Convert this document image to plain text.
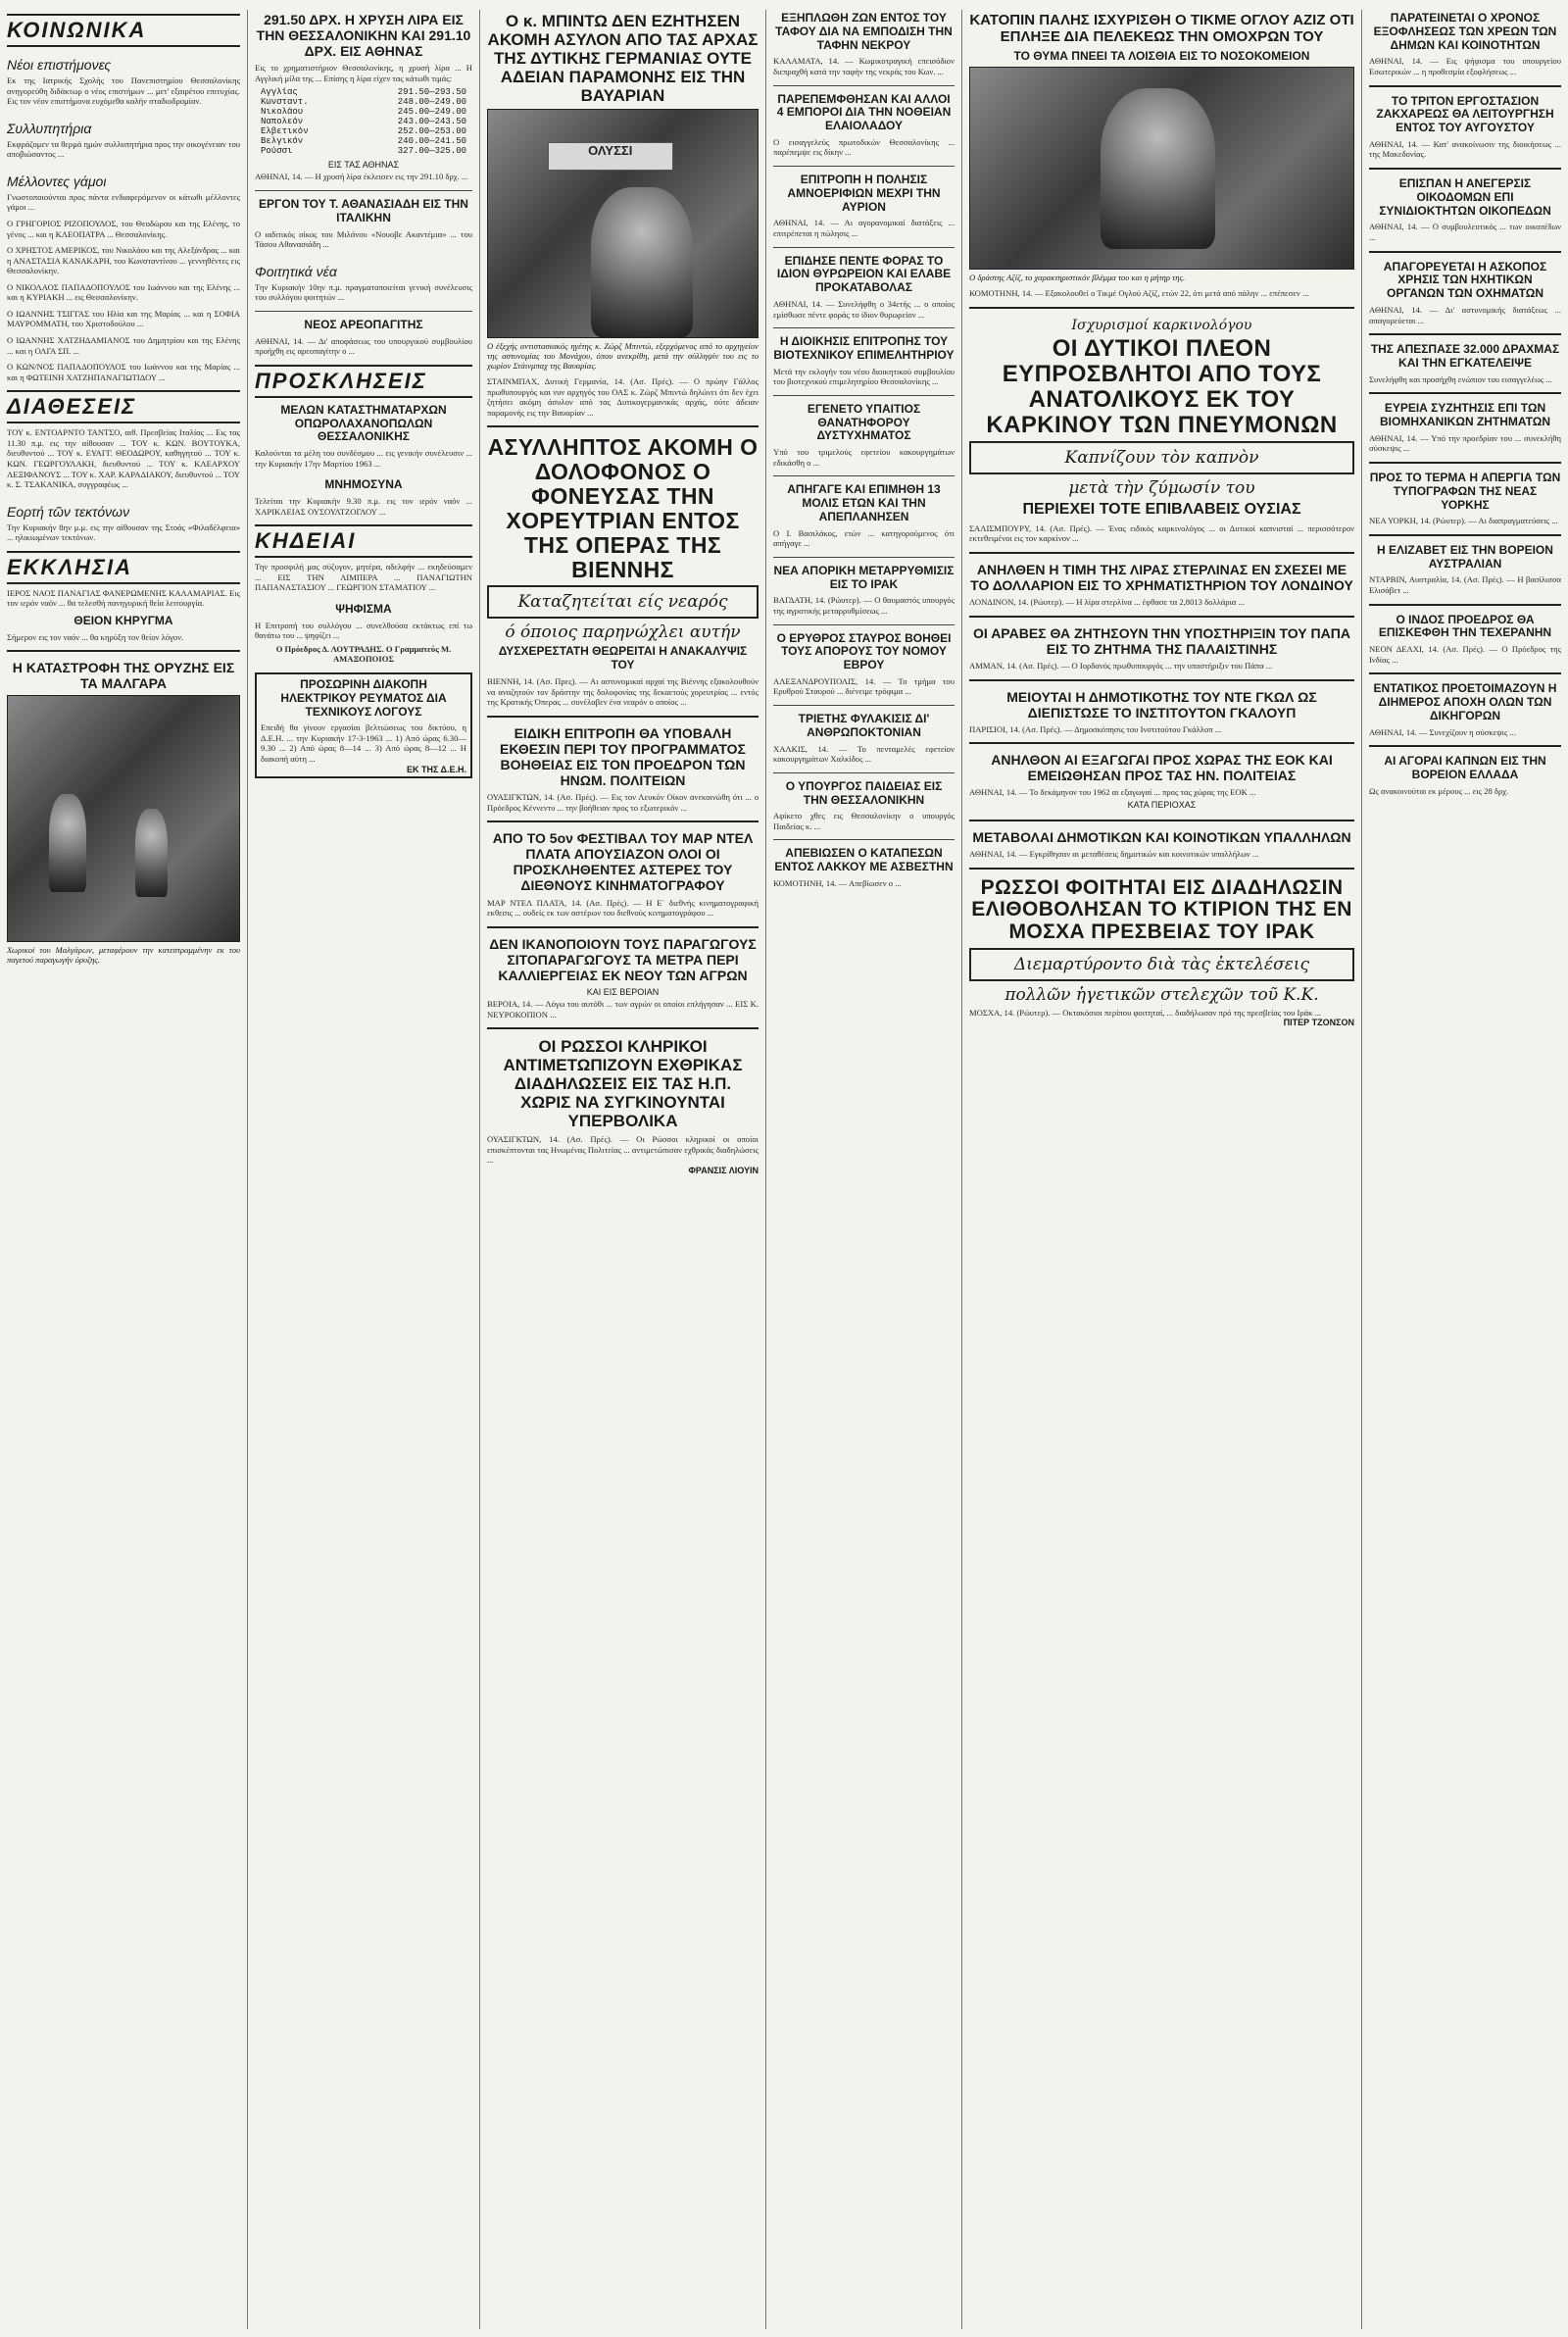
ΚΟΙΝΩΝΙΚΑ
Νέοι επιστήμονες

Εκ της Ιατρικής Σχολής του Πανεπιστημίου Θεσσαλονίκης ανηγορεύθη διδάκτωρ ο νέος επιστήμων ... μετ' εξαιρέτου επιτυχίας. Εις τον νέον επιστήμονα ευχόμεθα καλήν σταδιοδρομίαν.

Συλλυπητήρια

Εκφράζομεν τα θερμά ημών συλλυπητήρια προς την οικογένειαν του αποβιώσαντος ...

Μέλλοντες γάμοι

Γνωστοποιούνται προς πάντα ενδιαφερόμενον οι κάτωθι μέλλοντες γάμοι ...

Ο ΓΡΗΓΟΡΙΟΣ ΡΙΖΟΠΟΥΛΟΣ, του Θεοδώρου και της Ελένης, το γένος ... και η ΚΛΕΟΠΑΤΡΑ ... Θεσσαλονίκης.

Ο ΧΡΗΣΤΟΣ ΑΜΕΡΙΚΟΣ, του Νικολάου και της Αλεξάνδρας ... και η ΑΝΑΣΤΑΣΙΑ ΚΑΝΑΚΑΡΗ, του Κωνσταντίνου ... γεννηθέντες εις Θεσσαλονίκην.

Ο ΝΙΚΟΛΑΟΣ ΠΑΠΑΔΟΠΟΥΛΟΣ του Ιωάννου και της Ελένης ... και η ΚΥΡΙΑΚΗ ... εις Θεσσαλονίκην.

Ο ΙΩΑΝΝΗΣ ΤΣΙΓΓΑΣ του Ηλία και της Μαρίας ... και η ΣΟΦΙΑ ΜΑΥΡΟΜΜΑΤΗ, του Χριστοδούλου ...

Ο ΙΩΑΝΝΗΣ ΧΑΤΖΗΔΑΜΙΑΝΟΣ του Δημητρίου και της Ελένης ... και η ΟΛΓΑ ΣΠ. ...

Ο ΚΩΝ/ΝΟΣ ΠΑΠΑΔΟΠΟΥΛΟΣ του Ιωάννου και της Μαρίας ... και η ΦΩΤΕΙΝΗ ΧΑΤΖΗΠΑΝΑΓΙΩΤΙΔΟΥ ...

ΔΙΑΘΕΣΕΙΣ

ΤΟΥ κ. ΕΝΤΟΑΡΝΤΟ ΤΑΝΤΣΟ, αιθ. Πρεσβείας Ιταλίας ... Εις τας 11.30 π.μ. εις την αίθουσαν ... ΤΟΥ κ. ΚΩΝ. ΒΟΥΤΟΥΚΑ, διευθυντού ... ΤΟΥ κ. ΕΥΑΓΓ. ΘΕΟΔΩΡΟΥ, καθηγητού ... ΤΟΥ κ. ΚΩΝ. ΓΕΩΡΓΟΥΛΑΚΗ, διευθυντού ... ΤΟΥ κ. ΚΛΕΑΡΧΟΥ ΛΕΞΙΦΑΝΟΥΣ ... ΤΟΥ κ. ΧΑΡ. ΚΑΡΑΔΙΑΚΟΥ, διευθυντού ... ΤΟΥ κ. Σ. ΤΣΑΚΑΝΙΚΑ, συγγραφέως ...

Εορτή τῶν τεκτόνων

Την Κυριακήν 8ην μ.μ. εις την αίθουσαν της Στοάς «Φιλαδέλφεια» ... ηλικιωμένων τεκτόνων.

ΕΚΚΛΗΣΙΑ

ΙΕΡΟΣ ΝΑΟΣ ΠΑΝΑΓΙΑΣ ΦΑΝΕΡΩΜΕΝΗΣ ΚΑΛΑΜΑΡΙΑΣ. Εις τον ιερόν ναόν ... θα τελεσθή πανηγυρική θεία λειτουργία.

ΘΕΙΟΝ ΚΗΡΥΓΜΑ

Σήμερον εις τον ναόν ... θα κηρύξη τον θείον λόγον.

Η ΚΑΤΑΣΤΡΟΦΗ ΤΗΣ ΟΡΥΖΗΣ ΕΙΣ ΤΑ ΜΑΛΓΑΡΑ

Χωρικοί του Μαλγάρων, μεταφέρουν την κατεστραμμένην εκ του παγετού παραγωγήν όρυζης.

291.50 ΔΡΧ. Η ΧΡΥΣΗ ΛΙΡΑ ΕΙΣ ΤΗΝ ΘΕΣΣΑΛΟΝΙΚΗΝ ΚΑΙ 291.10 ΔΡΧ. ΕΙΣ ΑΘΗΝΑΣ

Εις το χρηματιστήριον Θεσσαλονίκης, η χρυσή λίρα ... Η Αγγλική μίλα της ... Επίσης η λίρα είχεν τας κάτωθι τιμάς:

Αγγλίας	291.50—293.50
Κωνσταντ.	248.00—249.00
Νικολάου	245.00—249.00
Ναπολεόν	243.00—243.50
Ελβετικόν	252.00—253.00
Βελγικόν	240.00—241.50
Ρούσσι	327.00—325.00
ΕΙΣ ΤΑΣ ΑΘΗΝΑΣ

ΑΘΗΝΑΙ, 14. — Η χρυσή λίρα έκλεισεν εις την 291.10 δρχ. ...

ΕΡΓΟΝ ΤΟΥ Τ. ΑΘΑΝΑΣΙΑΔΗ ΕΙΣ ΤΗΝ ΙΤΑΛΙΚΗΝ

Ο ιαδιτικός οίκος του Μιλάνου «Νουοβε Ακαντέμια» ... του Τάσου Αθανασιάδη ...

Φοιτητικά νέα

Την Κυριακήν 10ην π.μ. πραγματοποιείται γενική συνέλευσις του συλλόγου φοιτητών ...

ΝΕΟΣ ΑΡΕΟΠΑΓΙΤΗΣ

ΑΘΗΝΑΙ, 14. — Δι' αποφάσεως του υπουργικού συμβουλίου προήχθη εις αρεοπαγίτην ο ...

ΠΡΟΣΚΛΗΣΕΙΣ
ΜΕΛΩΝ ΚΑΤΑΣΤΗΜΑΤΑΡΧΩΝ ΟΠΩΡΟΛΑΧΑΝΟΠΩΛΩΝ ΘΕΣΣΑΛΟΝΙΚΗΣ

Καλούνται τα μέλη του συνδέσμου ... εις γενικήν συνέλευσιν ... την Κυριακήν 17ην Μαρτίου 1963 ...

ΜΝΗΜΟΣΥΝΑ

Τελείται την Κυριακήν 9.30 π.μ. εις τον ιερόν ναόν ... ΧΑΡΙΚΛΕΙΑΣ ΟΥΣΟΥΛΤΖΟΓΛΟΥ ...

ΚΗΔΕΙΑΙ

Την προσφιλή μας σύζυγον, μητέρα, αδελφήν ... εκηδεύσαμεν ... ΕΙΣ ΤΗΝ ΛΙΜΠΕΡΑ ... ΠΑΝΑΓΙΩΤΗΝ ΠΑΠΑΝΑΣΤΑΣΙΟΥ ... ΓΕΩΡΓΙΟΝ ΣΤΑΜΑΤΙΟΥ ...

ΨΗΦΙΣΜΑ

Η Επιτροπή του συλλόγου ... συνελθούσα εκτάκτως επί τω θανάτω του ... ψηφίζει ...

Ο Πρόεδρος Δ. ΛΟΥΤΡΑΔΗΣ. Ο Γραμματεύς Μ. ΑΜΑΞΟΠΟΙΟΣ

ΠΡΟΣΩΡΙΝΗ ΔΙΑΚΟΠΗ ΗΛΕΚΤΡΙΚΟΥ ΡΕΥΜΑΤΟΣ ΔΙΑ ΤΕΧΝΙΚΟΥΣ ΛΟΓΟΥΣ

Επειδή θα γίνουν εργασίαι βελτιώσεως του δικτύου, η Δ.Ε.Η. ... την Κυριακήν 17-3-1963 ... 1) Από ώρας 6.30—9.30 ... 2) Από ώρας 8—14 ... 3) Από ώρας 8—12 ... Η διακοπή αύτη ...

ΕΚ ΤΗΣ Δ.Ε.Η.
Ο κ. ΜΠΙΝΤΩ ΔΕΝ ΕΖΗΤΗΣΕΝ ΑΚΟΜΗ ΑΣΥΛΟΝ ΑΠΟ ΤΑΣ ΑΡΧΑΣ ΤΗΣ ΔΥΤΙΚΗΣ ΓΕΡΜΑΝΙΑΣ ΟΥΤΕ ΑΔΕΙΑΝ ΠΑΡΑΜΟΝΗΣ ΕΙΣ ΤΗΝ ΒΑΥΑΡΙΑΝ
ΟΛΥΣΣΙ

Ο έξεχής αντιστασιακός ηγέτης κ. Ζώρζ Μπιντώ, εξερχόμενος από το αρχηγείον της αστυνομίας του Μονάχου, όπου ανεκρίθη, μετά την σύλληψίν του εις το χωρίον Στάινμπαχ της Βαυαρίας.

ΣΤΑΙΝΜΠΑΧ, Δυτική Γερμανία, 14. (Ασ. Πρές). — Ο πρώην Γάλλος πρωθυπουργός και νυν αρχηγός του ΟΑΣ κ. Ζώρζ Μπιντώ δηλώνει ότι δεν έχει ζητήσει ακόμη άσυλον από τας Δυτικογερμανικάς αρχάς, ούτε άδειαν παραμονής εις την Βαυαρίαν ...

ΑΣΥΛΛΗΠΤΟΣ ΑΚΟΜΗ Ο ΔΟΛΟΦΟΝΟΣ Ο ΦΟΝΕΥΣΑΣ ΤΗΝ ΧΟΡΕΥΤΡΙΑΝ ΕΝΤΟΣ ΤΗΣ ΟΠΕΡΑΣ ΤΗΣ ΒΙΕΝΝΗΣ
Καταζητείται είς νεαρός
ό όποιος παρηνώχλει αυτήν
ΔΥΣΧΕΡΕΣΤΑΤΗ ΘΕΩΡΕΙΤΑΙ Η ΑΝΑΚΑΛΥΨΙΣ ΤΟΥ

ΒΙΕΝΝΗ, 14. (Ασ. Πρες). — Αι αστυνομικαί αρχαί της Βιέννης εξακολουθούν να αναζητούν τον δράστην της δολοφονίας της δεκαετούς χορευτρίας ... εντός της Κρατικής Όπερας ... συνέλαβεν ένα νεαρόν ο οποίος ...

ΕΙΔΙΚΗ ΕΠΙΤΡΟΠΗ ΘΑ ΥΠΟΒΑΛΗ ΕΚΘΕΣΙΝ ΠΕΡΙ ΤΟΥ ΠΡΟΓΡΑΜΜΑΤΟΣ ΒΟΗΘΕΙΑΣ ΕΙΣ ΤΟΝ ΠΡΟΕΔΡΟΝ ΤΩΝ ΗΝΩΜ. ΠΟΛΙΤΕΙΩΝ

ΟΥΑΣΙΓΚΤΩΝ, 14. (Ασ. Πρές). — Εις τον Λευκόν Οίκον ανεκοινώθη ότι ... ο Πρόεδρος Κέννεντυ ... την βοήθειαν προς το εξωτερικόν ...

ΑΠΟ ΤΟ 5ον ΦΕΣΤΙΒΑΛ ΤΟΥ ΜΑΡ ΝΤΕΛ ΠΛΑΤΑ ΑΠΟΥΣΙΑΖΟΝ ΟΛΟΙ ΟΙ ΠΡΟΣΚΛΗΘΕΝΤΕΣ ΑΣΤΕΡΕΣ ΤΟΥ ΔΙΕΘΝΟΥΣ ΚΙΝΗΜΑΤΟΓΡΑΦΟΥ

ΜΑΡ ΝΤΕΛ ΠΛΑΤΑ, 14. (Ασ. Πρές). — Η Ε΄ διεθνής κινηματογραφική εκθεσις ... ουδείς εκ των αστέρων του διεθνούς κινηματογράφου ...

ΔΕΝ ΙΚΑΝΟΠΟΙΟΥΝ ΤΟΥΣ ΠΑΡΑΓΩΓΟΥΣ ΣΙΤΟΠΑΡΑΓΩΓΟΥΣ ΤΑ ΜΕΤΡΑ ΠΕΡΙ ΚΑΛΛΙΕΡΓΕΙΑΣ ΕΚ ΝΕΟΥ ΤΩΝ ΑΓΡΩΝ
ΚΑΙ ΕΙΣ ΒΕΡΟΙΑΝ

ΒΕΡΟΙΑ, 14. — Λόγω του αυτόθι ... των αγρών οι οποίοι επλήγησαν ... ΕΙΣ Κ. ΝΕΥΡΟΚΟΠΙΟΝ ...

ΟΙ ΡΩΣΣΟΙ ΚΛΗΡΙΚΟΙ ΑΝΤΙΜΕΤΩΠΙΖΟΥΝ ΕΧΘΡΙΚΑΣ ΔΙΑΔΗΛΩΣΕΙΣ ΕΙΣ ΤΑΣ Η.Π. ΧΩΡΙΣ ΝΑ ΣΥΓΚΙΝΟΥΝΤΑΙ ΥΠΕΡΒΟΛΙΚΑ

ΟΥΑΣΙΓΚΤΩΝ, 14. (Ασ. Πρές). — Οι Ρώσσοι κληρικοί οι οποίοι επισκέπτονται τας Ηνωμένας Πολιτείας ... αντιμετώπισαν εχθρικάς διαδηλώσεις ...

ΦΡΑΝΣΙΣ ΛΙΟΥΙΝ
ΕΞΗΠΛΩΘΗ ΖΩΝ ΕΝΤΟΣ ΤΟΥ ΤΑΦΟΥ ΔΙΑ ΝΑ ΕΜΠΟΔΙΣΗ ΤΗΝ ΤΑΦΗΝ ΝΕΚΡΟΥ

ΚΑΛΑΜΑΤΑ, 14. — Κωμικοτραγική επεισόδιον διεπραχθή κατά την ταφήν της νεκράς του Κων. ...

ΠΑΡΕΠΕΜΦΘΗΣΑΝ ΚΑΙ ΑΛΛΟΙ 4 ΕΜΠΟΡΟΙ ΔΙΑ ΤΗΝ ΝΟΘΕΙΑΝ ΕΛΑΙΟΛΑΔΟΥ

Ο εισαγγελεύς πρωτοδικών Θεσσαλονίκης ... παρέπεμψε εις δίκην ...

ΕΠΙΤΡΟΠΗ Η ΠΟΛΗΣΙΣ ΑΜΝΟΕΡΙΦΙΩΝ ΜΕΧΡΙ ΤΗΝ ΑΥΡΙΟΝ

ΑΘΗΝΑΙ, 14. — Αι αγορανομικαί διατάξεις ... επιτρέπεται η πώλησις ...

ΕΠΙΔΗΣΕ ΠΕΝΤΕ ΦΟΡΑΣ ΤΟ ΙΔΙΟΝ ΘΥΡΩΡΕΙΟΝ ΚΑΙ ΕΛΑΒΕ ΠΡΟΚΑΤΑΒΟΛΑΣ

ΑΘΗΝΑΙ, 14. — Συνελήφθη ο 34ετής ... ο οποίος εμίσθωσε πέντε φοράς το ίδιον θυρωρείον ...

Η ΔΙΟΙΚΗΣΙΣ ΕΠΙΤΡΟΠΗΣ ΤΟΥ ΒΙΟΤΕΧΝΙΚΟΥ ΕΠΙΜΕΛΗΤΗΡΙΟΥ

Μετά την εκλογήν του νέου διοικητικού συμβουλίου του βιοτεχνικού επιμελητηρίου Θεσσαλονίκης ...

ΕΓΕΝΕΤΟ ΥΠΑΙΤΙΟΣ ΘΑΝΑΤΗΦΟΡΟΥ ΔΥΣΤΥΧΗΜΑΤΟΣ

Υπό του τριμελούς εφετείου κακουργημάτων εδικάσθη ο ...

ΑΠΗΓΑΓΕ ΚΑΙ ΕΠΙΜΗΘΗ 13 ΜΟΛΙΣ ΕΤΩΝ ΚΑΙ ΤΗΝ ΑΠΕΠΛΑΝΗΣΕΝ

Ο Ι. Βασιλάκος, ετών ... κατηγορούμενος ότι απήγαγε ...

ΝΕΑ ΑΠΟΡΙΚΗ ΜΕΤΑΡΡΥΘΜΙΣΙΣ ΕΙΣ ΤΟ ΙΡΑΚ

ΒΑΓΔΑΤΗ, 14. (Ρώυτερ). — Ο θαυμαστός υπουργός της αγροτικής μεταρρυθμίσεως ...

Ο ΕΡΥΘΡΟΣ ΣΤΑΥΡΟΣ ΒΟΗΘΕΙ ΤΟΥΣ ΑΠΟΡΟΥΣ ΤΟΥ ΝΟΜΟΥ ΕΒΡΟΥ

ΑΛΕΞΑΝΔΡΟΥΠΟΛΙΣ, 14. — Το τμήμα του Ερυθρού Σταυρού ... διένειμε τρόφιμα ...

ΤΡΙΕΤΗΣ ΦΥΛΑΚΙΣΙΣ ΔΙ' ΑΝΘΡΩΠΟΚΤΟΝΙΑΝ

ΧΑΛΚΙΣ, 14. — Το πενταμελές εφετείον κακουργημάτων Χαλκίδος ...

Ο ΥΠΟΥΡΓΟΣ ΠΑΙΔΕΙΑΣ ΕΙΣ ΤΗΝ ΘΕΣΣΑΛΟΝΙΚΗΝ

Αφίκετο χθες εις Θεσσαλονίκην ο υπουργός Παιδείας κ. ...

ΑΠΕΒΙΩΣΕΝ Ο ΚΑΤΑΠΕΣΩΝ ΕΝΤΟΣ ΛΑΚΚΟΥ ΜΕ ΑΣΒΕΣΤΗΝ

ΚΟΜΟΤΗΝΗ, 14. — Απεβίωσεν ο ...

ΚΑΤΟΠΙΝ ΠΑΛΗΣ ΙΣΧΥΡΙΣΘΗ Ο ΤΙΚΜΕ ΟΓΛΟΥ ΑΖΙΖ ΟΤΙ ΕΠΛΗΞΕ ΔΙΑ ΠΕΛΕΚΕΩΣ ΤΗΝ ΟΜΟΧΡΩΝ ΤΟΥ
ΤΟ ΘΥΜΑ ΠΝΕΕΙ ΤΑ ΛΟΙΣΘΙΑ ΕΙΣ ΤΟ ΝΟΣΟΚΟΜΕΙΟΝ

Ο δράστης Αζίζ, το χαρακτηριστικόν βλέμμα του και η μήτηρ της.

ΚΟΜΟΤΗΝΗ, 14. — Εξακολουθεί ο Τικμέ Ογλού Αζίζ, ετών 22, ότι μετά από πάλην ... επέπεσεν ...

Ισχυρισμοί καρκινολόγου
ΟΙ ΔΥΤΙΚΟΙ ΠΛΕΟΝ ΕΥΠΡΟΣΒΛΗΤΟΙ ΑΠΟ ΤΟΥΣ ΑΝΑΤΟΛΙΚΟΥΣ ΕΚ ΤΟΥ ΚΑΡΚΙΝΟΥ ΤΩΝ ΠΝΕΥΜΟΝΩΝ
Καπνίζουν τὸν καπνὸν
μετὰ τὴν ζύμωσίν του
ΠΕΡΙΕΧΕΙ ΤΟΤΕ ΕΠΙΒΛΑΒΕΙΣ ΟΥΣΙΑΣ

ΣΑΛΙΣΜΠΟΥΡΥ, 14. (Ασ. Πρές). — Ένας ειδικός καρκινολόγος ... οι Δυτικοί καπνισταί ... περισσότερον εκτεθειμένοι εις τον καρκίνον ...

ΑΝΗΛΘΕΝ Η ΤΙΜΗ ΤΗΣ ΛΙΡΑΣ ΣΤΕΡΛΙΝΑΣ ΕΝ ΣΧΕΣΕΙ ΜΕ ΤΟ ΔΟΛΛΑΡΙΟΝ ΕΙΣ ΤΟ ΧΡΗΜΑΤΙΣΤΗΡΙΟΝ ΤΟΥ ΛΟΝΔΙΝΟΥ

ΛΟΝΔΙΝΟΝ, 14. (Ρώυτερ). — Η λίρα στερλίνα ... έφθασε τα 2,8013 δολλάρια ...

ΟΙ ΑΡΑΒΕΣ ΘΑ ΖΗΤΗΣΟΥΝ ΤΗΝ ΥΠΟΣΤΗΡΙΞΙΝ ΤΟΥ ΠΑΠΑ ΕΙΣ ΤΟ ΖΗΤΗΜΑ ΤΗΣ ΠΑΛΑΙΣΤΙΝΗΣ

ΑΜΜΑΝ, 14. (Ασ. Πρές). — Ο Ιορδανός πρωθυπουργός ... την υποστήριξιν του Πάπα ...

ΜΕΙΟΥΤΑΙ Η ΔΗΜΟΤΙΚΟΤΗΣ ΤΟΥ ΝΤΕ ΓΚΩΛ ΩΣ ΔΙΕΠΙΣΤΩΣΕ ΤΟ ΙΝΣΤΙΤΟΥΤΟΝ ΓΚΑΛΟΥΠ

ΠΑΡΙΣΙΟΙ, 14. (Ασ. Πρές). — Δημοσκόπησις του Ινστιτούτου Γκάλλοπ ...

ΑΝΗΛΘΟΝ ΑΙ ΕΞΑΓΩΓΑΙ ΠΡΟΣ ΧΩΡΑΣ ΤΗΣ ΕΟΚ ΚΑΙ ΕΜΕΙΩΘΗΣΑΝ ΠΡΟΣ ΤΑΣ ΗΝ. ΠΟΛΙΤΕΙΑΣ

ΑΘΗΝΑΙ, 14. — Το δεκάμηνον του 1962 αι εξαγωγαί ... προς τας χώρας της ΕΟΚ ...

ΚΑΤΑ ΠΕΡΙΟΧΑΣ
ΜΕΤΑΒΟΛΑΙ ΔΗΜΟΤΙΚΩΝ ΚΑΙ ΚΟΙΝΟΤΙΚΩΝ ΥΠΑΛΛΗΛΩΝ

ΑΘΗΝΑΙ, 14. — Εγκρίθησαν αι μεταθέσεις δημοτικών και κοινοτικών υπαλλήλων ...

ΡΩΣΣΟΙ ΦΟΙΤΗΤΑΙ ΕΙΣ ΔΙΑΔΗΛΩΣΙΝ ΕΛΙΘΟΒΟΛΗΣΑΝ ΤΟ ΚΤΙΡΙΟΝ ΤΗΣ ΕΝ ΜΟΣΧΑ ΠΡΕΣΒΕΙΑΣ ΤΟΥ ΙΡΑΚ
Διεμαρτύροντο διὰ τὰς ἐκτελέσεις
πολλῶν ἡγετικῶν στελεχῶν τοῦ Κ.Κ.

ΜΟΣΧΑ, 14. (Ρώυτερ). — Οκτακόσιοι περίπου φοιτηταί, ... διαδήλωσαν πρό της πρεσβείας του Ιράκ ...

ΠΙΤΕΡ ΤΖΟΝΣΟΝ
ΠΑΡΑΤΕΙΝΕΤΑΙ Ο ΧΡΟΝΟΣ ΕΞΟΦΛΗΣΕΩΣ ΤΩΝ ΧΡΕΩΝ ΤΩΝ ΔΗΜΩΝ ΚΑΙ ΚΟΙΝΟΤΗΤΩΝ

ΑΘΗΝΑΙ, 14. — Εις ψήφισμα του υπουργείου Εσωτερικών ... η προθεσμία εξοφλήσεως ...

ΤΟ ΤΡΙΤΟΝ ΕΡΓΟΣΤΑΣΙΟΝ ΖΑΚΧΑΡΕΩΣ ΘΑ ΛΕΙΤΟΥΡΓΗΣΗ ΕΝΤΟΣ ΤΟΥ ΑΥΓΟΥΣΤΟΥ

ΑΘΗΝΑΙ, 14. — Κατ' ανακοίνωσιν της διοικήσεως ... της Μακεδονίας.

ΕΠΙΣΠΑΝ Η ΑΝΕΓΕΡΣΙΣ ΟΙΚΟΔΟΜΩΝ ΕΠΙ ΣΥΝΙΔΙΟΚΤΗΤΩΝ ΟΙΚΟΠΕΔΩΝ

ΑΘΗΝΑΙ, 14. — Ο συμβουλευτικός ... των οικοπέδων ...

ΑΠΑΓΟΡΕΥΕΤΑΙ Η ΑΣΚΟΠΟΣ ΧΡΗΣΙΣ ΤΩΝ ΗΧΗΤΙΚΩΝ ΟΡΓΑΝΩΝ ΤΩΝ ΟΧΗΜΑΤΩΝ

ΑΘΗΝΑΙ, 14. — Δι' αστυνομικής διατάξεως ... απαγορεύεται ...

ΤΗΣ ΑΠΕΣΠΑΣΕ 32.000 ΔΡΑΧΜΑΣ ΚΑΙ ΤΗΝ ΕΓΚΑΤΕΛΕΙΨΕ

Συνελήφθη και προσήχθη ενώπιον του εισαγγελέως ...

ΕΥΡΕΙΑ ΣΥΖΗΤΗΣΙΣ ΕΠΙ ΤΩΝ ΒΙΟΜΗΧΑΝΙΚΩΝ ΖΗΤΗΜΑΤΩΝ

ΑΘΗΝΑΙ, 14. — Υπό την προεδρίαν του ... συνεκλήθη σύσκεψις ...

ΠΡΟΣ ΤΟ ΤΕΡΜΑ Η ΑΠΕΡΓΙΑ ΤΩΝ ΤΥΠΟΓΡΑΦΩΝ ΤΗΣ ΝΕΑΣ ΥΟΡΚΗΣ

ΝΕΑ ΥΟΡΚΗ, 14. (Ρώυτερ). — Αι διαπραγματεύσεις ...

Η ΕΛΙΖΑΒΕΤ ΕΙΣ ΤΗΝ ΒΟΡΕΙΟΝ ΑΥΣΤΡΑΛΙΑΝ

ΝΤΑΡΒΙΝ, Αυστραλία, 14. (Ασ. Πρές). — Η βασίλισσα Ελισάβετ ...

Ο ΙΝΔΟΣ ΠΡΟΕΔΡΟΣ ΘΑ ΕΠΙΣΚΕΦΘΗ ΤΗΝ ΤΕΧΕΡΑΝΗΝ

ΝΕΟΝ ΔΕΛΧΙ, 14. (Ασ. Πρές). — Ο Πρόεδρος της Ινδίας ...

ΕΝΤΑΤΙΚΟΣ ΠΡΟΕΤΟΙΜΑΖΟΥΝ Η ΔΙΗΜΕΡΟΣ ΑΠΟΧΗ ΟΛΩΝ ΤΩΝ ΔΙΚΗΓΟΡΩΝ

ΑΘΗΝΑΙ, 14. — Συνεχίζουν η σύσκεψις ...

ΑΙ ΑΓΟΡΑΙ ΚΑΠΝΩΝ ΕΙΣ ΤΗΝ ΒΟΡΕΙΟΝ ΕΛΛΑΔΑ

Ως ανακοινούται εκ μέρους ... εις 28 δρχ.
